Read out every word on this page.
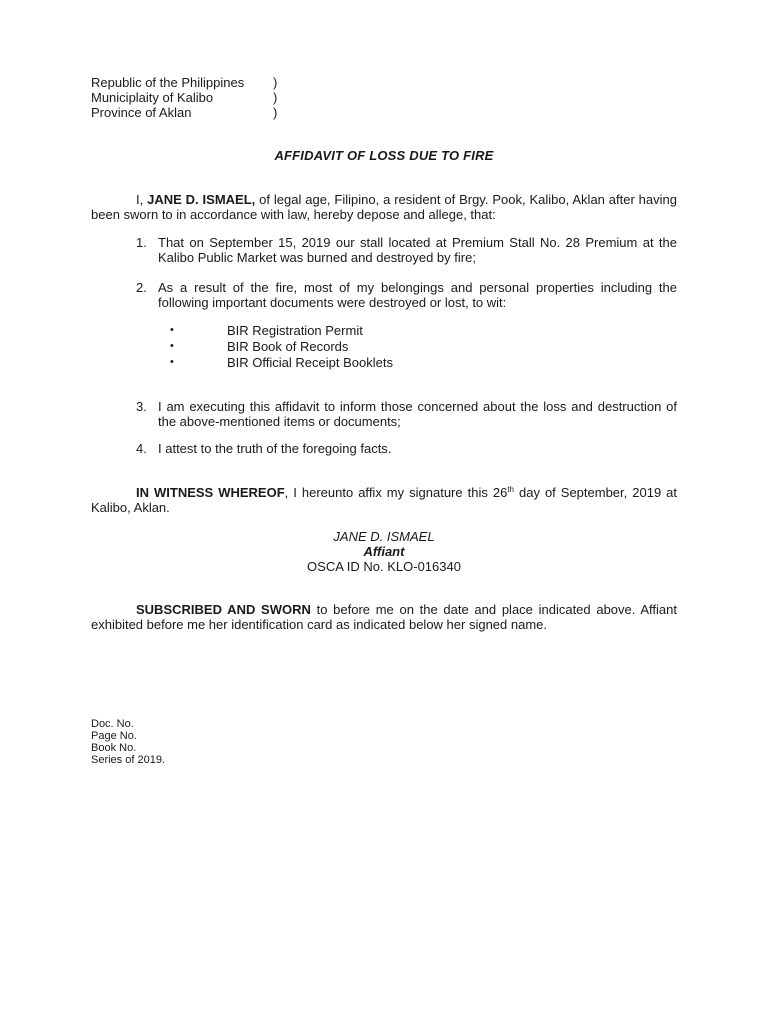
Republic of the Philippines	)
Municiplaity of Kalibo	)
Province of Aklan	)
AFFIDAVIT OF LOSS DUE TO FIRE
I, JANE D. ISMAEL, of legal age, Filipino, a resident of Brgy. Pook, Kalibo, Aklan after having been sworn to in accordance with law, hereby depose and allege, that:
1. That on September 15, 2019 our stall located at Premium Stall No. 28 Premium at the Kalibo Public Market was burned and destroyed by fire;
2. As a result of the fire, most of my belongings and personal properties including the following important documents were destroyed or lost, to wit:
•	BIR Registration Permit
•	BIR Book of Records
•	BIR Official Receipt Booklets
3. I am executing this affidavit to inform those concerned about the loss and destruction of the above-mentioned items or documents;
4. I attest to the truth of the foregoing facts.
IN WITNESS WHEREOF, I hereunto affix my signature this 26th day of September, 2019 at Kalibo, Aklan.
JANE D. ISMAEL
Affiant
OSCA ID No. KLO-016340
SUBSCRIBED AND SWORN to before me on the date and place indicated above. Affiant exhibited before me her identification card as indicated below her signed name.
Doc. No.
Page No.
Book No.
Series of 2019.
